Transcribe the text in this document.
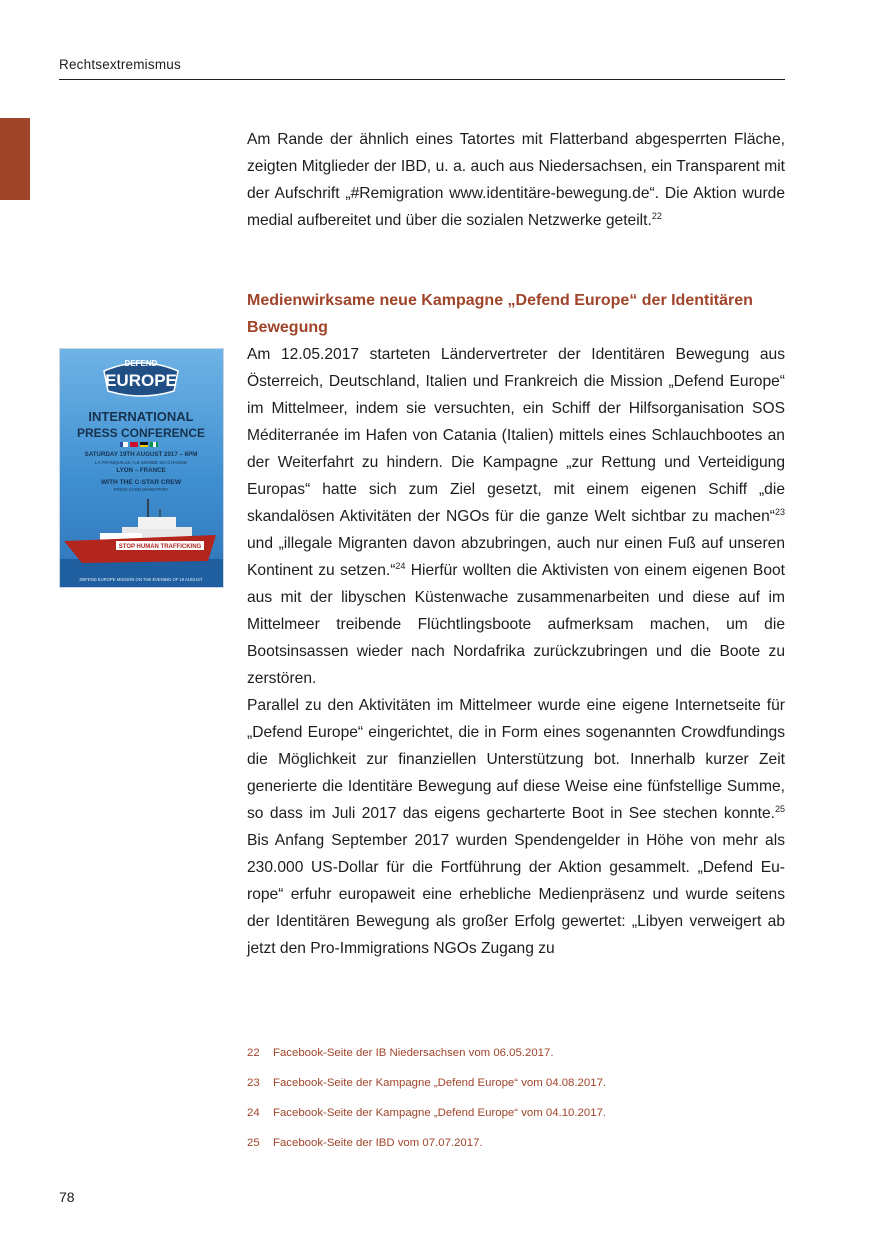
Rechtsextremismus

Am Rande der ähnlich eines Tatortes mit Flatterband abgesperrten Fläche, zeigten Mitglieder der IBD, u. a. auch aus Niedersachsen, ein Transparent mit der Aufschrift „#Remigration www.identitäre-bewegung.de“. Die Aktion wurde medial aufbereitet und über die sozialen Netzwerke geteilt.$^{22}$

Medienwirksame neue Kampagne „Defend Europe“ der Identitären Bewegung

Am 12.05.2017 starteten Ländervertreter der Identitären Bewegung aus Österreich, Deutschland, Italien und Frankreich die Mission „Defend Europe“ im Mittelmeer, indem sie versuchten, ein Schiff der Hilfsorganisation SOS Méditerranée im Hafen von Catania (Italien) mittels eines Schlauchbootes an der Weiterfahrt zu hindern. Die Kampagne „zur Rettung und Verteidigung Europas“ hatte sich zum Ziel gesetzt, mit einem eigenen Schiff „die skandalösen Aktivitäten der NGOs für die ganze Welt sichtbar zu machen“$^{23}$ und „illegale Migranten davon abzubringen, auch nur einen Fuß auf unseren Kontinent zu setzen.“$^{24}$ Hierfür wollten die Aktivisten von einem eigenen Boot aus mit der libyschen Küstenwache zusammenarbeiten und diese auf im Mittelmeer treibende Flüchtlingsboote aufmerksam machen, um die Bootsinsassen wieder nach Nordafrika zurückzubringen und die Boote zu zerstören.

Parallel zu den Aktivitäten im Mittelmeer wurde eine eigene Internetseite für „Defend Europe“ eingerichtet, die in Form eines sogenannten Crowdfundings die Möglichkeit zur finanziellen Unterstützung bot. Innerhalb kurzer Zeit generierte die Identitäre Bewegung auf diese Weise eine fünfstellige Summe, so dass im Juli 2017 das eigens gecharterte Boot in See stechen konnte.$^{25}$ Bis Anfang September 2017 wurden Spendengelder in Höhe von mehr als 230.000 US-Dollar für die Fortführung der Aktion gesammelt. „Defend Europe“ erfuhr europaweit eine erhebliche Medienpräsenz und wurde seitens der Identitären Bewegung als großer Erfolg gewertet: „Libyen verweigert ab jetzt den Pro-Immigrations NGOs Zugang zu

DEFEND
EUROPE
INTERNATIONAL
PRESS CONFERENCE
SATURDAY 19TH AUGUST 2017 – 6PM
LA FRANQUILLE / LE MONDE DU CHANGE
LYON – FRANCE
WITH THE C-STAR CREW
PRESS CARD MANDATORY
STOP HUMAN TRAFFICKING
DEFEND EUROPE MISSION ON THE EVENING OF 19 AUGUST
22 Facebook-Seite der IB Niedersachsen vom 06.05.2017.
23 Facebook-Seite der Kampagne „Defend Europe“ vom 04.08.2017.
24 Facebook-Seite der Kampagne „Defend Europe“ vom 04.10.2017.
25 Facebook-Seite der IBD vom 07.07.2017.
78
